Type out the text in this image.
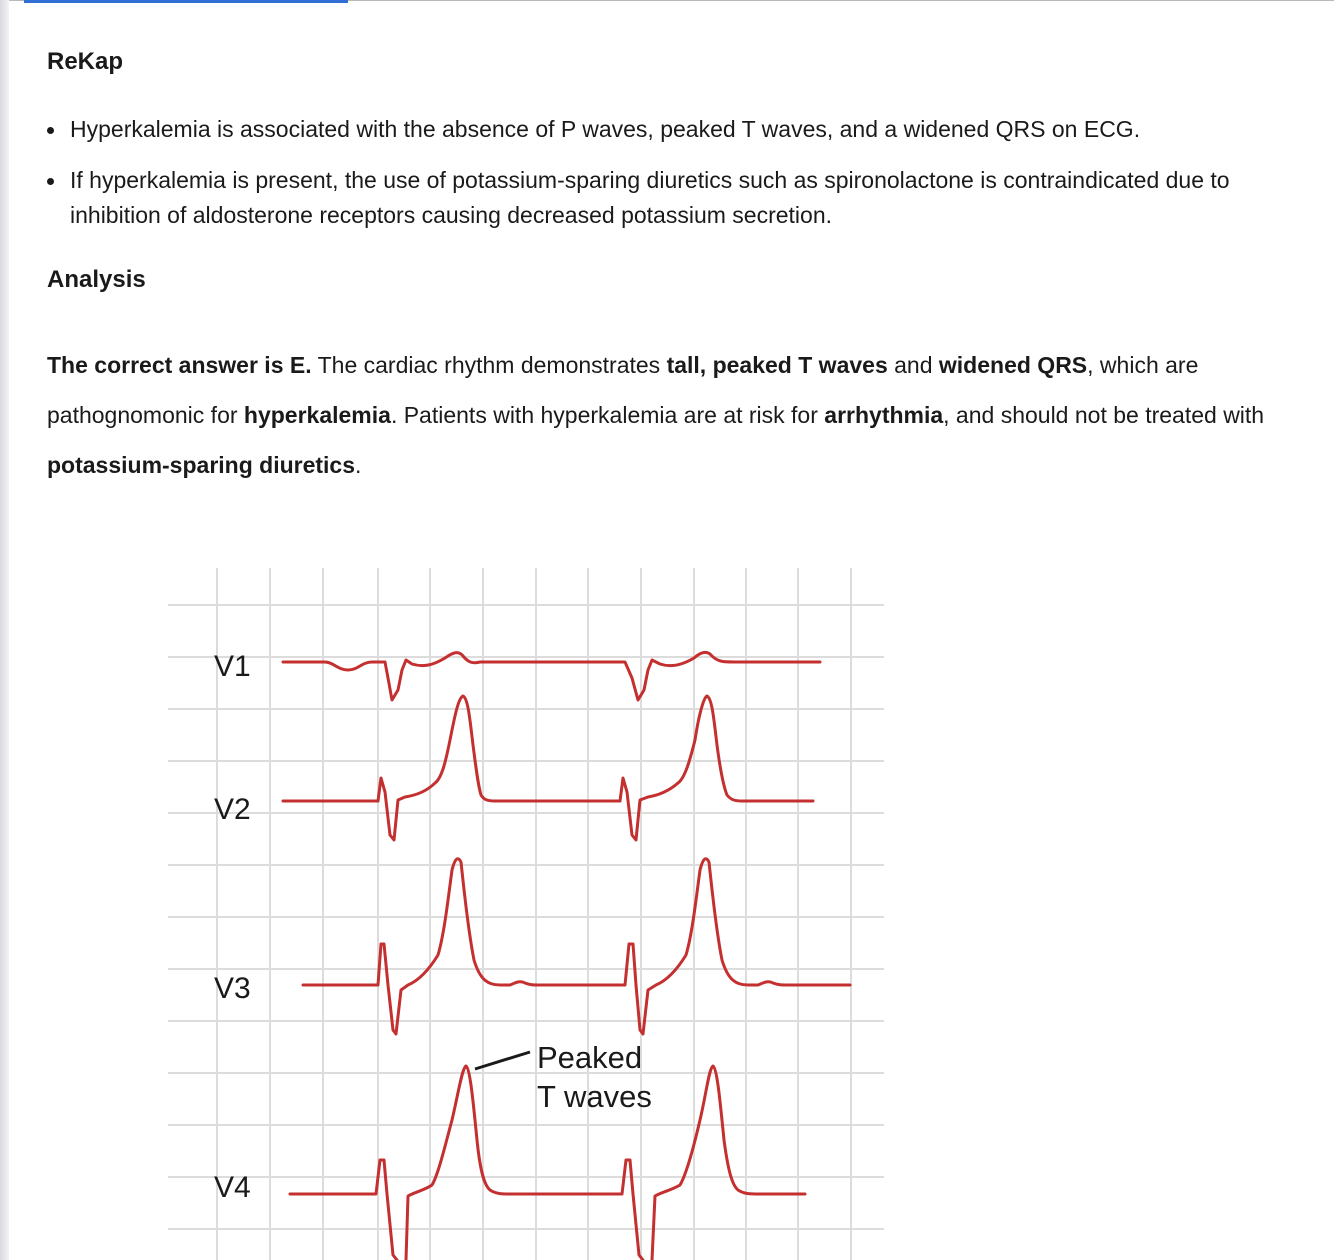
ReKap
Hyperkalemia is associated with the absence of P waves, peaked T waves, and a widened QRS on ECG.
If hyperkalemia is present, the use of potassium-sparing diuretics such as spironolactone is contraindicated due to inhibition of aldosterone receptors causing decreased potassium secretion.
Analysis

The correct answer is E. The cardiac rhythm demonstrates tall, peaked T waves and widened QRS, which are pathognomonic for hyperkalemia. Patients with hyperkalemia are at risk for arrhythmia, and should not be treated with potassium-sparing diuretics.

V1
V2
V3
V4
Peaked
T waves
